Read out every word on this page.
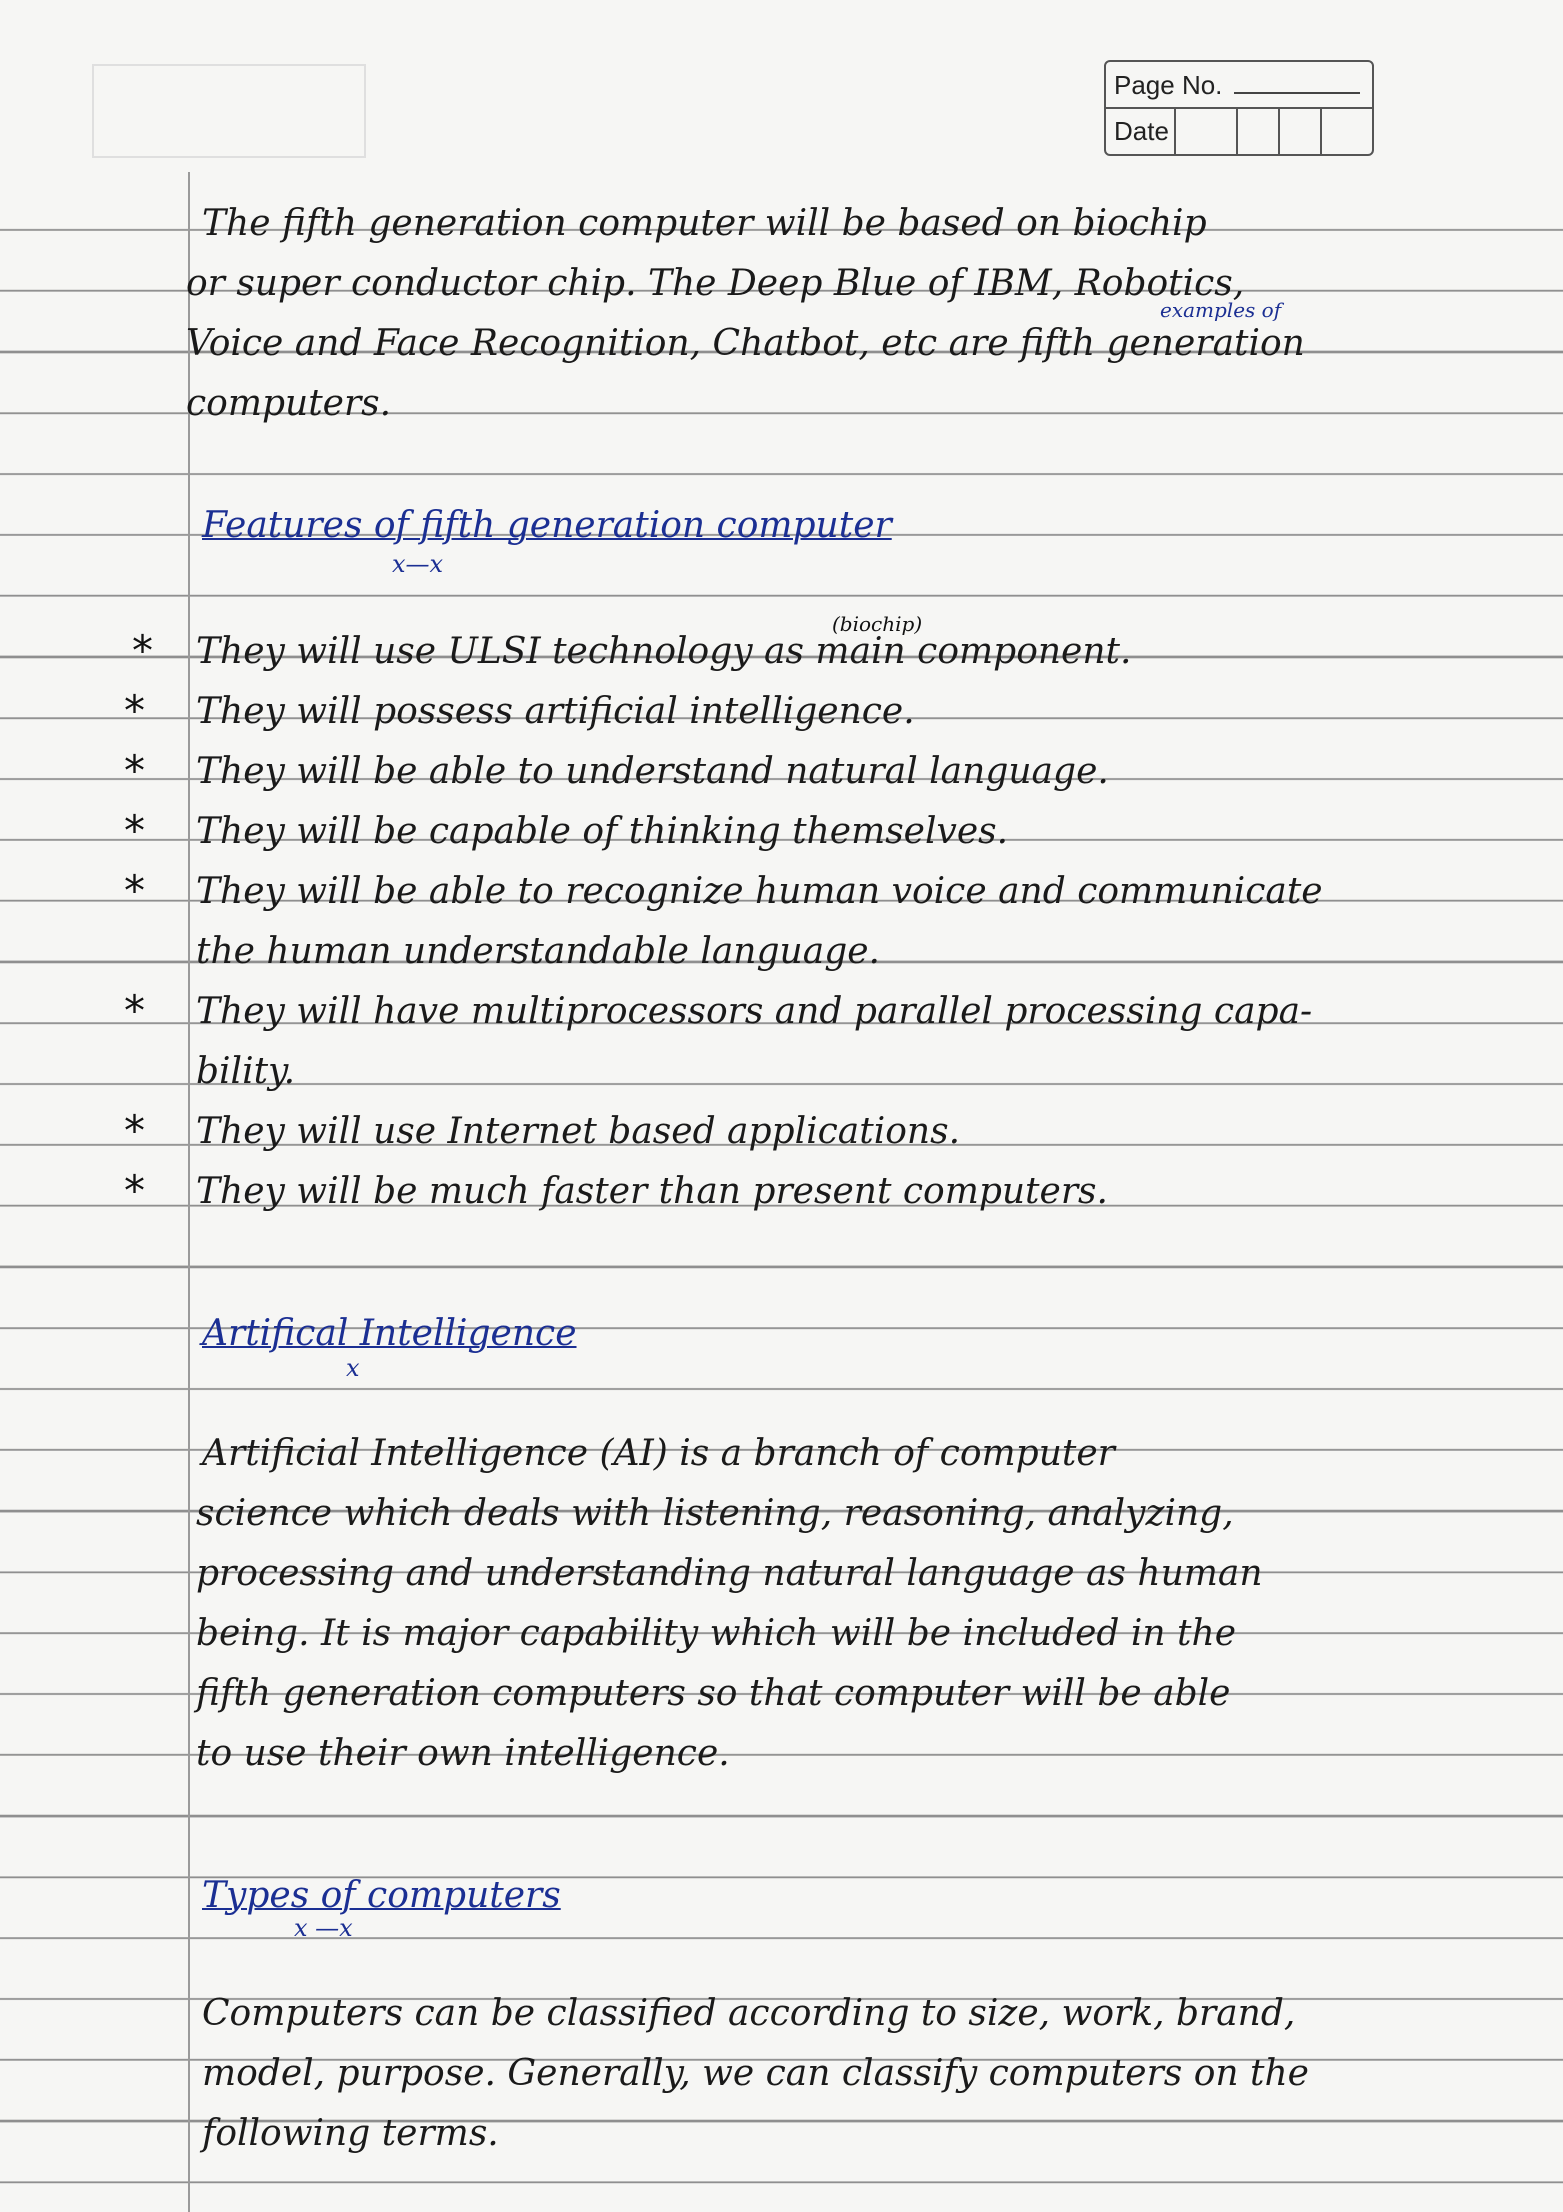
Page No.
Date
examples of

The fifth generation computer will be based on biochip

or super conductor chip. The Deep Blue of IBM, Robotics,

Voice and Face Recognition, Chatbot, etc are fifth generation

computers.

Features of fifth generation computer

x—x
(biochip)
* They will use ULSI technology as main component.

* They will possess artificial intelligence.

* They will be able to understand natural language.

* They will be capable of thinking themselves.

* They will be able to recognize human voice and communicate

the human understandable language.

* They will have multiprocessors and parallel processing capa-

bility.

* They will use Internet based applications.

* They will be much faster than present computers.

Artifical Intelligence

x

Artificial Intelligence (AI) is a branch of computer

science which deals with listening, reasoning, analyzing,

processing and understanding natural language as human

being. It is major capability which will be included in the

fifth generation computers so that computer will be able

to use their own intelligence.

Types of computers

x —x

Computers can be classified according to size, work, brand,

model, purpose. Generally, we can classify computers on the

following terms.
